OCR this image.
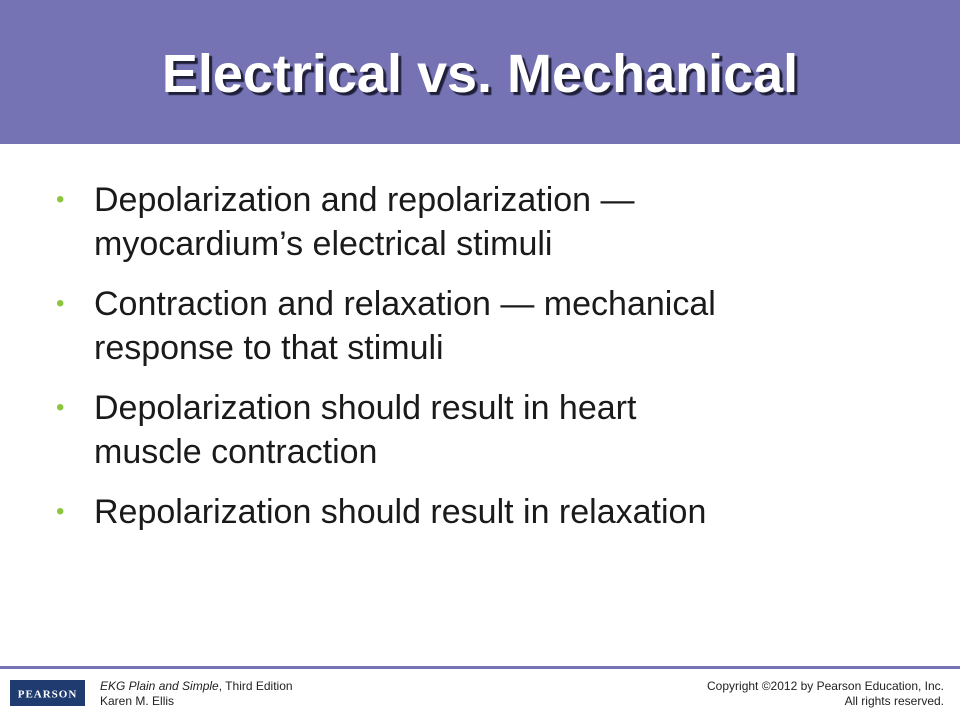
Electrical vs. Mechanical
• Depolarization and repolarization —
myocardium’s electrical stimuli
• Contraction and relaxation — mechanical
response to that stimuli
• Depolarization should result in heart
muscle contraction
• Repolarization should result in relaxation
PEARSON
EKG Plain and Simple, Third Edition
Karen M. Ellis
Copyright ©2012 by Pearson Education, Inc.
All rights reserved.
